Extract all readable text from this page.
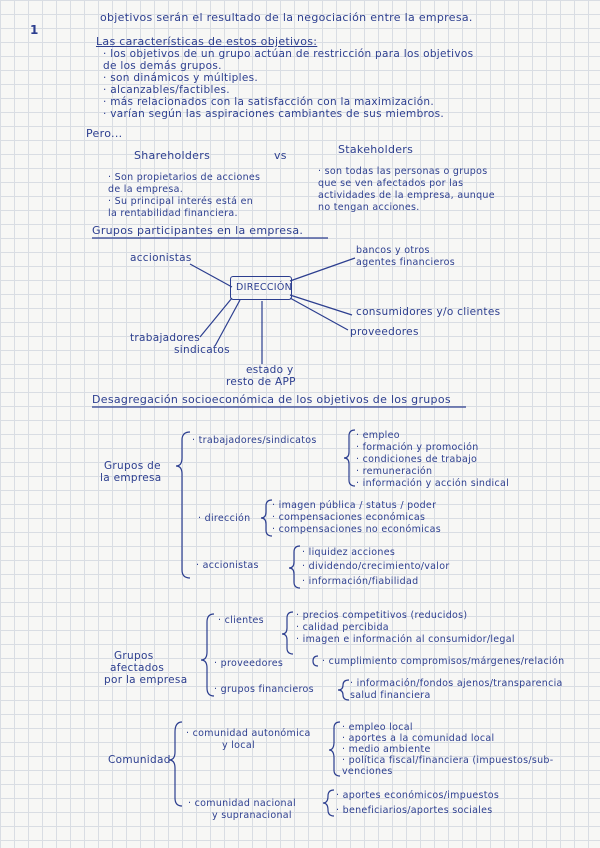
1
objetivos serán el resultado de la negociación entre la empresa.
Las características de estos objetivos:
· los objetivos de un grupo actúan de restricción para los objetivos
de los demás grupos.
· son dinámicos y múltiples.
· alcanzables/factibles.
· más relacionados con la satisfacción con la maximización.
· varían según las aspiraciones cambiantes de sus miembros.
Pero...
Shareholders	vs	Stakeholders
· Son propietarios de acciones
de la empresa.
· Su principal interés está en
la rentabilidad financiera.
· son todas las personas o grupos
que se ven afectados por las
actividades de la empresa, aunque
no tengan acciones.
Grupos participantes en la empresa.
accionistas
bancos y otros
agentes financieros
DIRECCIÓN
consumidores y/o clientes
proveedores
trabajadores
sindicatos
estado y
resto de APP
Desagregación socioeconómica de los objetivos de los grupos
Grupos de
la empresa
· trabajadores/sindicatos	· empleo
· formación y promoción
· condiciones de trabajo
· remuneración
· información y acción sindical
· dirección
· imagen pública / status / poder
· compensaciones económicas
· compensaciones no económicas
· accionistas
· liquidez acciones
· dividendo/crecimiento/valor
· información/fiabilidad
Grupos
afectados
por la empresa
· clientes	· precios competitivos (reducidos)
· calidad percibida
· imagen e información al consumidor/legal
· proveedores	· cumplimiento compromisos/márgenes/relación
· grupos financieros
· información/fondos ajenos/transparencia
salud financiera
Comunidad
· comunidad autonómica
y local
· empleo local
· aportes a la comunidad local
· medio ambiente
· política fiscal/financiera (impuestos/sub-
venciones
· comunidad nacional
y supranacional
· aportes económicos/impuestos
· beneficiarios/aportes sociales
